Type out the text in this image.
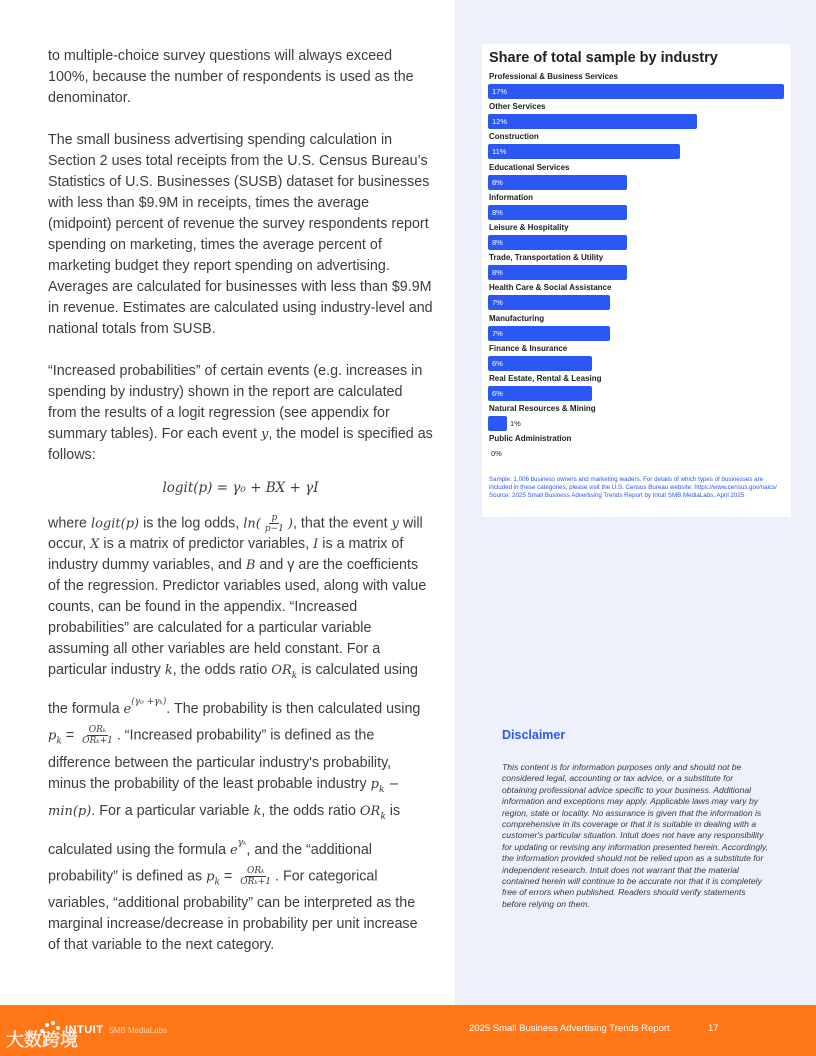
to multiple-choice survey questions will always exceed 100%, because the number of respondents is used as the denominator.

The small business advertising spending calculation in Section 2 uses total receipts from the U.S. Census Bureau’s Statistics of U.S. Businesses (SUSB) dataset for businesses with less than $9.9M in receipts, times the average (midpoint) percent of revenue the survey respondents report spending on marketing, times the average percent of marketing budget they report spending on advertising. Averages are calculated for businesses with less than $9.9M in revenue. Estimates are calculated using industry-level and national totals from SUSB.

“Increased probabilities” of certain events (e.g. increases in spending by industry) shown in the report are calculated from the results of a logit regression (see appendix for summary tables). For each event y, the model is specified as follows:

logit(p) = γ₀ + BX + γI

where logit(p) is the log odds, $\ln( \frac{p}{p-1}$ ), that the event y will occur, X is a matrix of predictor variables, I is a matrix of industry dummy variables, and B and γ are the coefficients of the regression. Predictor variables used, along with value counts, can be found in the appendix. “Increased probabilities” are calculated for a particular variable assuming all other variables are held constant. For a particular industry k, the odds ratio $OR_k$ is calculated using the formula $e^{(\gamma_0 +\gamma_k)}$. The probability is then calculated using $p_k = \frac{\text{ORₖ}}{\text{ORₖ+1}}$ . “Increased probability” is defined as the difference between the particular industry's probability, minus the probability of the least probable industry $p_k - \min(p)$. For a particular variable k, the odds ratio $OR_k$ is calculated using the formula $e^{\gamma_k}$, and the “additional probability” is defined as $p_k = \frac{\text{ORₖ}}{\text{ORₖ+1}}$ . For categorical variables, “additional probability” can be interpreted as the marginal increase/decrease in probability per unit increase of that variable to the next category.

Share of total sample by industry
Professional & Business Services
17%
Other Services
12%
Construction
11%
Educational Services
8%
Information
8%
Leisure & Hospitality
8%
Trade, Transportation & Utility
8%
Health Care & Social Assistance
7%
Manufacturing
7%
Finance & Insurance
6%
Real Estate, Rental & Leasing
6%
Natural Resources & Mining
1%
Public Administration
0%
Sample: 1,006 business owners and marketing leaders. For details of which types of businesses are included in these categories, please visit the U.S. Census Bureau website: https://www.census.gov/naics/
Source: 2025 Small Business Advertising Trends Report by Intuit SMB MediaLabs, April 2025
Disclaimer
This content is for information purposes only and should not be considered legal, accounting or tax advice, or a substitute for obtaining professional advice specific to your business. Additional information and exceptions may apply. Applicable laws may vary by region, state or locality. No assurance is given that the information is comprehensive in its coverage or that it is suitable in dealing with a customer's particular situation. Intuit does not have any responsibility for updating or revising any information presented herein. Accordingly, the information provided should not be relied upon as a substitute for independent research. Intuit does not warrant that the material contained herein will continue to be accurate nor that it is completely free of errors when published. Readers should verify statements before relying on them.
INTUIT SMB MediaLabs	2025 Small Business Advertising Trends Report	17
大数跨境
